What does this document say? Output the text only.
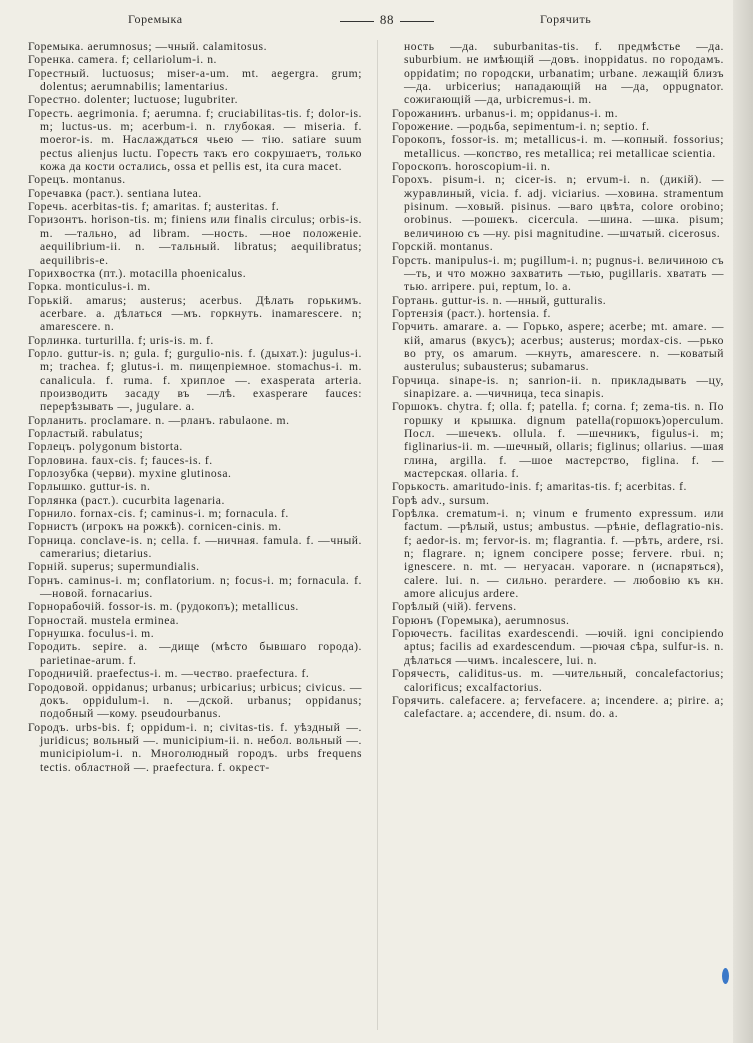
Горемыка	88	Горячить

Горемыка. aerumnosus; —чный. calamitosus.

Горенка. camera. f; cellariolum-i. n.

Горестный. luctuosus; miser-a-um. mt. aegergra. grum; dolentus; aerumnabilis; lamentarius.

Горестно. dolenter; luctuose; lugubriter.

Горесть. aegrimonia. f; aerumna. f; cruciabilitas-tis. f; dolor-is. m; luctus-us. m; acerbum-i. n. глубокая. — miseria. f. moeror-is. m. Наслаждаться чьею — тію. satiare suum pectus alienjus luctu. Горесть такъ его сокрушаетъ, только кожа да кости остались, ossa et pellis est, ita cura macet.

Горецъ. montanus.

Горечавка (раст.). sentiana lutea.

Горечь. acerbitas-tis. f; amaritas. f; austeritas. f.

Горизонтъ. horison-tis. m; finiens или finalis circulus; orbis-is. m. —тально, ad libram. —ность. —ное положеніе. aequilibrium-ii. n. —тальный. libratus; aequilibratus; aequilibris-e.

Горихвостка (пт.). motacilla phoenicalus.

Горка. monticulus-i. m.

Горькій. amarus; austerus; acerbus. Дѣлать горькимъ. acerbare. a. дѣлаться —мъ. горкнуть. inamarescere. n; amarescere. n.

Горлинка. turturilla. f; uris-is. m. f.

Горло. guttur-is. n; gula. f; gurgulio-nis. f. (дыхат.): jugulus-i. m; trachea. f; glutus-i. m. пищепріемное. stomachus-i. m. canalicula. f. ruma. f. хриплое —. exasperata arteria. производить засаду въ —лѣ. exasperare fauces: перерѣзывать —, jugulare. a.

Горланить. proclamare. n. —рланъ. rabulaone. m.

Горластый. rabulatus;

Горлецъ. polygonum bistorta.

Горловина. faux-cis. f; fauces-is. f.

Горлозубка (черви). myxine glutinosa.

Горлышко. guttur-is. n.

Горлянка (раст.). cucurbita lagenaria.

Горнило. fornax-cis. f; caminus-i. m; fornacula. f.

Горнистъ (игрокъ на рожкѣ). cornicen-cinis. m.

Горница. conclave-is. n; cella. f. —ничная. famula. f. —чный. camerarius; dietarius.

Горній. superus; supermundialis.

Горнъ. caminus-i. m; conflatorium. n; focus-i. m; fornacula. f. —новой. fornacarius.

Горнорабочій. fossor-is. m. (рудокопъ); metallicus.

Горностай. mustela erminea.

Горнушка. foculus-i. m.

Городить. sepire. a. —дище (мѣсто бывшаго города). parietinae-arum. f.

Городничій. praefectus-i. m. —чество. praefectura. f.

Городовой. oppidanus; urbanus; urbicarius; urbicus; civicus. —докъ. oppidulum-i. n. —дской. urbanus; oppidanus; подобный —кому. pseudourbanus.

Городъ. urbs-bis. f; oppidum-i. n; civitas-tis. f. уѣздный —. juridicus; вольный —. municipium-ii. n. небол. вольный —. municipiolum-i. n. Многолюдный городъ. urbs frequens tectis. областной —. praefectura. f. окрест-

ность —да. suburbanitas-tis. f. предмѣстье —да. suburbium. не имѣющій —довъ. inoppidatus. по городамъ. oppidatim; по городски, urbanatim; urbane. лежащій близъ —да. urbicerius; нападающій на —да, oppugnator. сожигающій —да, urbicremus-i. m.

Горожанинъ. urbanus-i. m; oppidanus-i. m.

Горожение. —родьба, sepimentum-i. n; septio. f.

Горокопъ, fossor-is. m; metallicus-i. m. —копный. fossorius; metallicus. —копство, res metallica; rei metallicae scientia.

Гороскопъ. horoscopium-ii. n.

Горохъ. pisum-i. n; cicer-is. n; ervum-i. n. (дикій). — журавлиный, vicia. f. adj. viciarius. —ховина. stramentum pisinum. —ховый. pisinus. —ваго цвѣта, colore orobino; orobinus. —рошекъ. cicercula. —шина. —шка. pisum; величиною съ —ну. pisi magnitudine. —шчатый. cicerosus.

Горскій. montanus.

Горсть. manipulus-i. m; pugillum-i. n; pugnus-i. величиною съ —ть, и что можно захватить —тью, pugillaris. хватать —тью. arripere. pui, reptum, lo. a.

Гортань. guttur-is. n. —нный, gutturalis.

Гортензія (раст.). hortensia. f.

Горчить. amarare. a. — Горько, aspere; acerbe; mt. amare. —кій, amarus (вкусъ); acerbus; austerus; mordax-cis. —рько во рту, os amarum. —кнуть, amarescere. n. —коватый austerulus; subausterus; subamarus.

Горчица. sinape-is. n; sanrion-ii. n. прикладывать —цу, sinapizare. a. —чичница, teca sinapis.

Горшокъ. chytra. f; olla. f; patella. f; corna. f; zema-tis. n. По горшку и крышка. dignum patella(горшокъ)operculum. Посл. —шечекъ. ollula. f. —шечникъ, figulus-i. m; figlinarius-ii. m. —шечный, ollaris; figlinus; ollarius. —шая глина, argilla. f. —шое мастерство, figlina. f. — мастерская. ollaria. f.

Горькость. amaritudo-inis. f; amaritas-tis. f; acerbitas. f.

Горѣ adv., sursum.

Горѣлка. crematum-i. n; vinum e frumento expressum. или factum. —рѣлый, ustus; ambustus. —рѣніе, deflagratio-nis. f; aedor-is. m; fervor-is. m; flagrantia. f. —рѣть, ardere, rsi. n; flagrare. n; ignem concipere posse; fervere. rbui. n; ignescere. n. mt. — негуасан. vaporare. n (испаряться), calere. lui. n. — сильно. perardere. — любовію къ кн. amore alicujus ardere.

Горѣлый (чій). fervens.

Горюнъ (Горемыка), aerumnosus.

Горючесть. facilitas exardescendi. —ючій. igni concipiendo aptus; facilis ad exardescendum. —рючая сѣра, sulfur-is. n. дѣлаться —чимъ. incalescere, lui. n.

Горячесть, caliditus-us. m. —чительный, concalefactorius; calorificus; excalfactorius.

Горячить. calefacere. a; fervefacere. a; incendere. a; pirire. a; calefactare. a; accendere, di. nsum. do. a.
